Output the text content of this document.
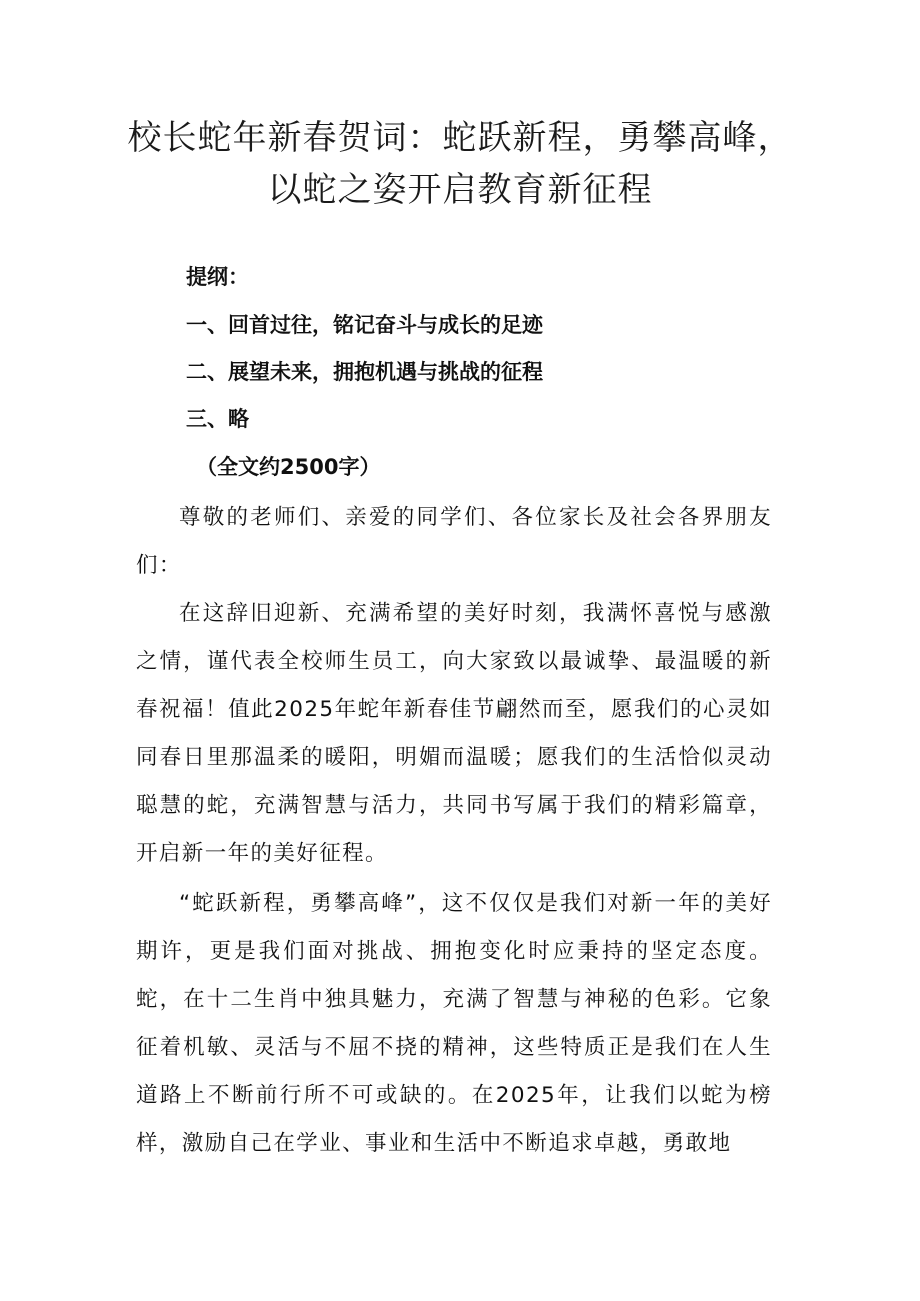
校长蛇年新春贺词：蛇跃新程，勇攀高峰，以蛇之姿开启教育新征程
提纲：
一、回首过往，铭记奋斗与成长的足迹
二、展望未来，拥抱机遇与挑战的征程
三、略
（全文约2500字）

尊敬的老师们、亲爱的同学们、各位家长及社会各界朋友们：

在这辞旧迎新、充满希望的美好时刻，我满怀喜悦与感激之情，谨代表全校师生员工，向大家致以最诚挚、最温暖的新春祝福！值此2025年蛇年新春佳节翩然而至，愿我们的心灵如同春日里那温柔的暖阳，明媚而温暖；愿我们的生活恰似灵动聪慧的蛇，充满智慧与活力，共同书写属于我们的精彩篇章，开启新一年的美好征程。

“蛇跃新程，勇攀高峰”，这不仅仅是我们对新一年的美好期许，更是我们面对挑战、拥抱变化时应秉持的坚定态度。蛇，在十二生肖中独具魅力，充满了智慧与神秘的色彩。它象征着机敏、灵活与不屈不挠的精神，这些特质正是我们在人生道路上不断前行所不可或缺的。在2025年，让我们以蛇为榜样，激励自己在学业、事业和生活中不断追求卓越，勇敢地
